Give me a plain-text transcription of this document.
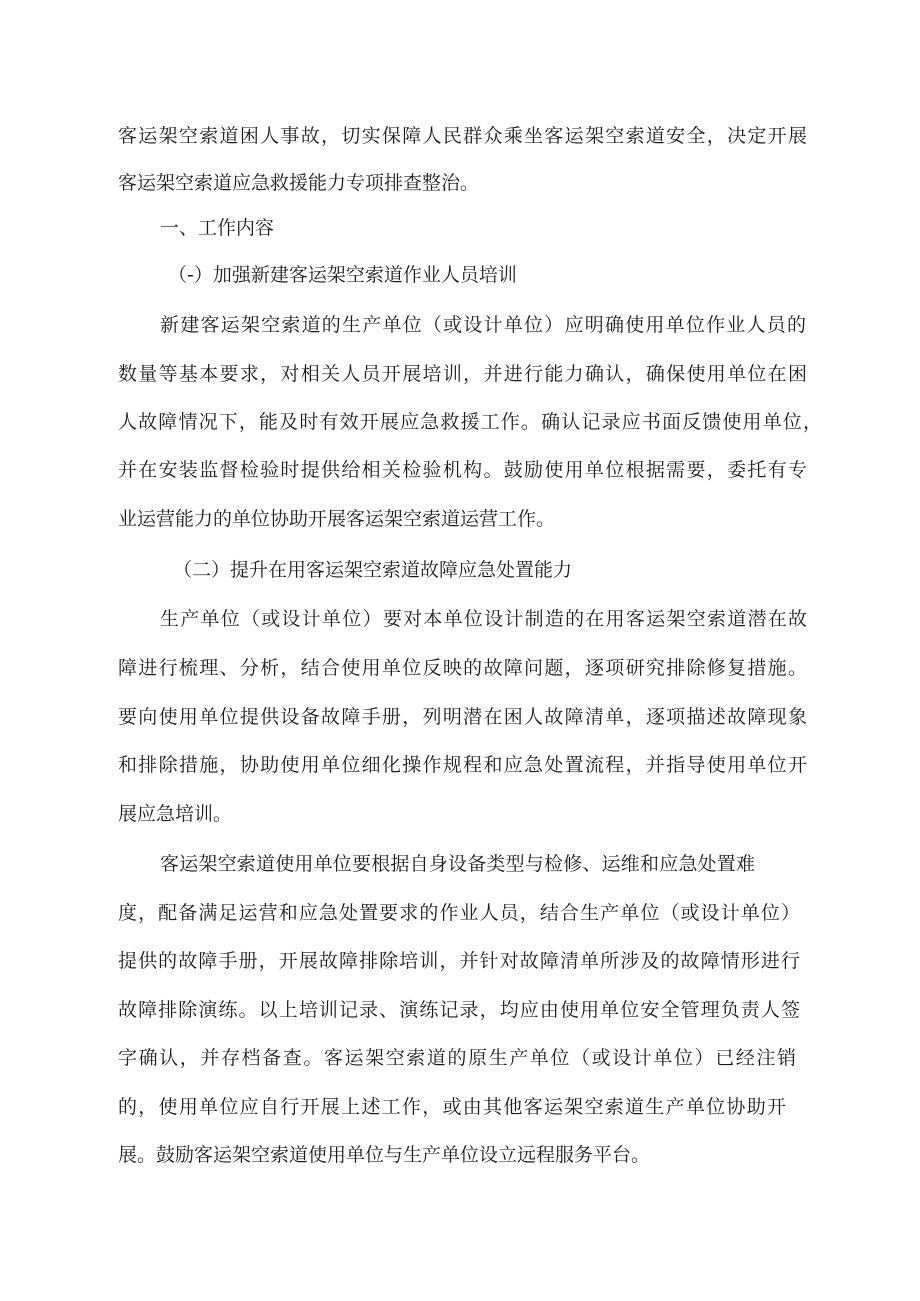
客运架空索道困人事故，切实保障人民群众乘坐客运架空索道安全，决定开展
客运架空索道应急救援能力专项排查整治。
一、工作内容
（-）加强新建客运架空索道作业人员培训
新建客运架空索道的生产单位（或设计单位）应明确使用单位作业人员的
数量等基本要求，对相关人员开展培训，并进行能力确认，确保使用单位在困
人故障情况下，能及时有效开展应急救援工作。确认记录应书面反馈使用单位，
并在安装监督检验时提供给相关检验机构。鼓励使用单位根据需要，委托有专
业运营能力的单位协助开展客运架空索道运营工作。
（二）提升在用客运架空索道故障应急处置能力
生产单位（或设计单位）要对本单位设计制造的在用客运架空索道潜在故
障进行梳理、分析，结合使用单位反映的故障问题，逐项研究排除修复措施。
要向使用单位提供设备故障手册，列明潜在困人故障清单，逐项描述故障现象
和排除措施，协助使用单位细化操作规程和应急处置流程，并指导使用单位开
展应急培训。
客运架空索道使用单位要根据自身设备类型与检修、运维和应急处置难
度，配备满足运营和应急处置要求的作业人员，结合生产单位（或设计单位）
提供的故障手册，开展故障排除培训，并针对故障清单所涉及的故障情形进行
故障排除演练。以上培训记录、演练记录，均应由使用单位安全管理负责人签
字确认，并存档备查。客运架空索道的原生产单位（或设计单位）已经注销
的，使用单位应自行开展上述工作，或由其他客运架空索道生产单位协助开
展。鼓励客运架空索道使用单位与生产单位设立远程服务平台。
